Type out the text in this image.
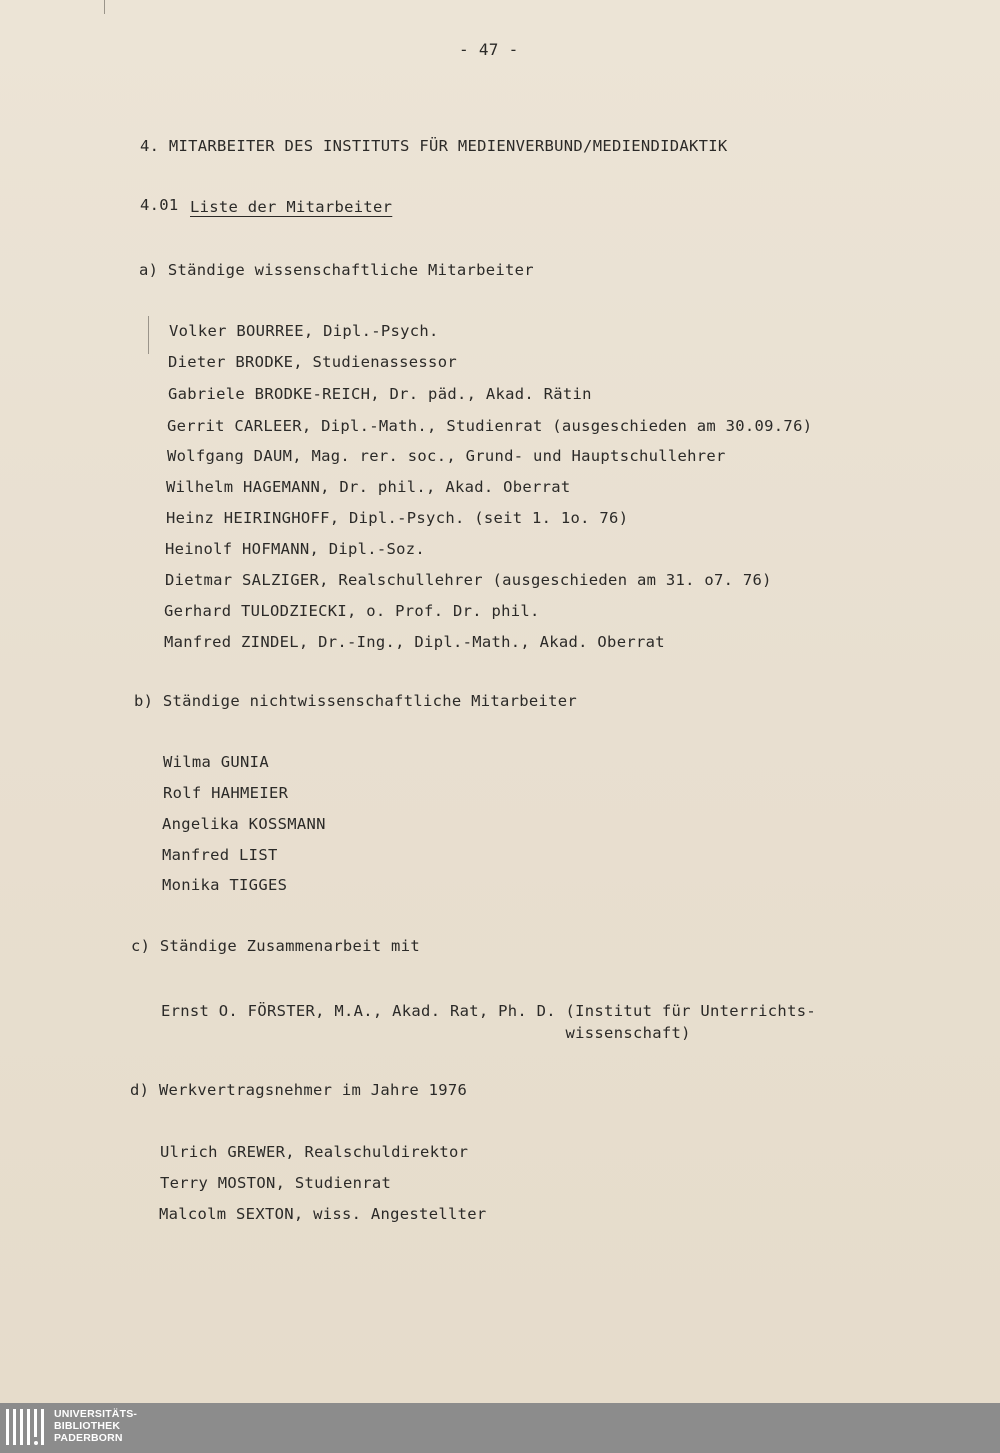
- 47 -
4. MITARBEITER DES INSTITUTS FÜR MEDIENVERBUND/MEDIENDIDAKTIK
4.01 Liste der Mitarbeiter
a) Ständige wissenschaftliche Mitarbeiter
Volker BOURREE, Dipl.-Psych.
Dieter BRODKE, Studienassessor
Gabriele BRODKE-REICH, Dr. päd., Akad. Rätin
Gerrit CARLEER, Dipl.-Math., Studienrat (ausgeschieden am 30.09.76)
Wolfgang DAUM, Mag. rer. soc., Grund- und Hauptschullehrer
Wilhelm HAGEMANN, Dr. phil., Akad. Oberrat
Heinz HEIRINGHOFF, Dipl.-Psych. (seit 1. 1o. 76)
Heinolf HOFMANN, Dipl.-Soz.
Dietmar SALZIGER, Realschullehrer (ausgeschieden am 31. o7. 76)
Gerhard TULODZIECKI, o. Prof. Dr. phil.
Manfred ZINDEL, Dr.-Ing., Dipl.-Math., Akad. Oberrat
b) Ständige nichtwissenschaftliche Mitarbeiter
Wilma GUNIA
Rolf HAHMEIER
Angelika KOSSMANN
Manfred LIST
Monika TIGGES
c) Ständige Zusammenarbeit mit
Ernst O. FÖRSTER, M.A., Akad. Rat, Ph. D. (Institut für Unterrichts-
wissenschaft)
d) Werkvertragsnehmer im Jahre 1976
Ulrich GREWER, Realschuldirektor
Terry MOSTON, Studienrat
Malcolm SEXTON, wiss. Angestellter
UNIVERSITÄTS-
BIBLIOTHEK
PADERBORN
